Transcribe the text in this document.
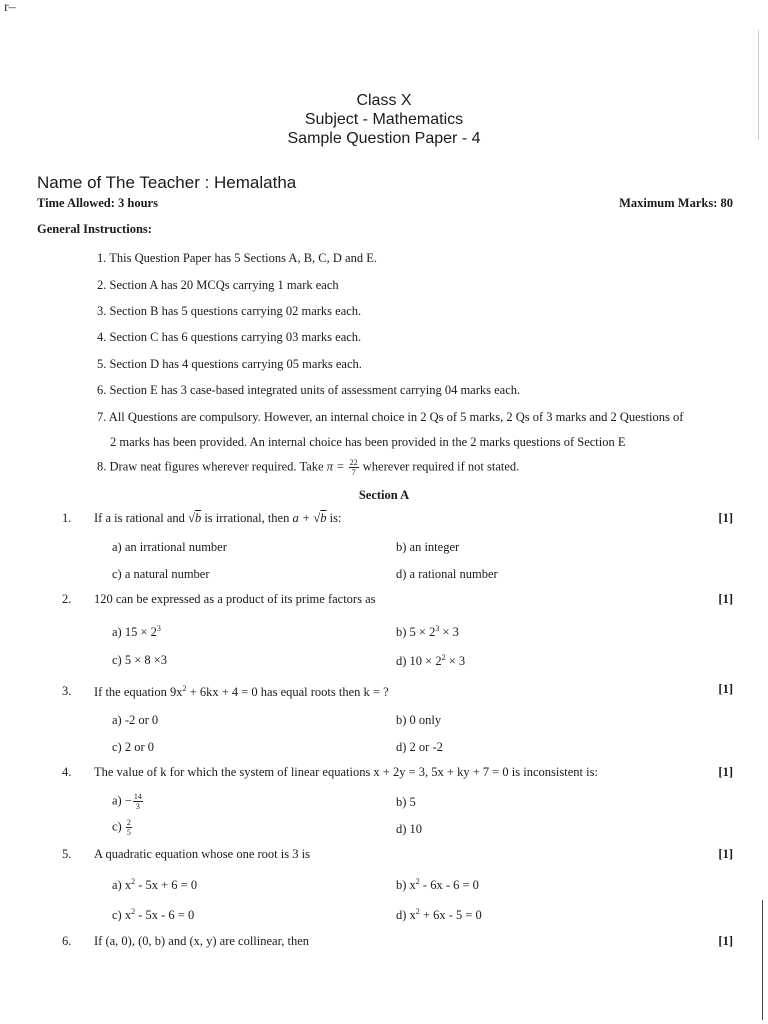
r–
Class X
Subject - Mathematics
Sample Question Paper - 4
Name of The Teacher : Hemalatha
Time Allowed: 3 hours	Maximum Marks: 80
General Instructions:
1. This Question Paper has 5 Sections A, B, C, D and E.
2. Section A has 20 MCQs carrying 1 mark each
3. Section B has 5 questions carrying 02 marks each.
4. Section C has 6 questions carrying 03 marks each.
5. Section D has 4 questions carrying 05 marks each.
6. Section E has 3 case-based integrated units of assessment carrying 04 marks each.
7. All Questions are compulsory. However, an internal choice in 2 Qs of 5 marks, 2 Qs of 3 marks and 2 Questions of
2 marks has been provided. An internal choice has been provided in the 2 marks questions of Section E
8. Draw neat figures wherever required. Take $\pi = \frac{22}{7}$ wherever required if not stated.
Section A
1. If a is rational and √b is irrational, then a + √b is:	[1]
a) an irrational number	b) an integer
c) a natural number	d) a rational number
2. 120 can be expressed as a product of its prime factors as	[1]
a) $15 \times 2^3$	b) $5 \times 2^3 \times 3$
c) 5 × 8 ×3	d) $10 \times 2^2 \times 3$
3. If the equation $9x^2 + 6kx + 4 = 0$ has equal roots then k = ?	[1]
a) -2 or 0	b) 0 only
c) 2 or 0	d) 2 or -2
4. The value of k for which the system of linear equations x + 2y = 3, 5x + ky + 7 = 0 is inconsistent is:	[1]
$a) - \frac{14}{3}$	b) 5
$c) \frac{2}{5}$	d) 10
5. A quadratic equation whose one root is 3 is	[1]
a) $x^2 - 5x + 6 = 0$	b) $x^2 - 6x - 6 = 0$
c) $x^2 - 5x - 6 = 0$	d) $x^2 + 6x - 5 = 0$
6. If (a, 0), (0, b) and (x, y) are collinear, then	[1]
